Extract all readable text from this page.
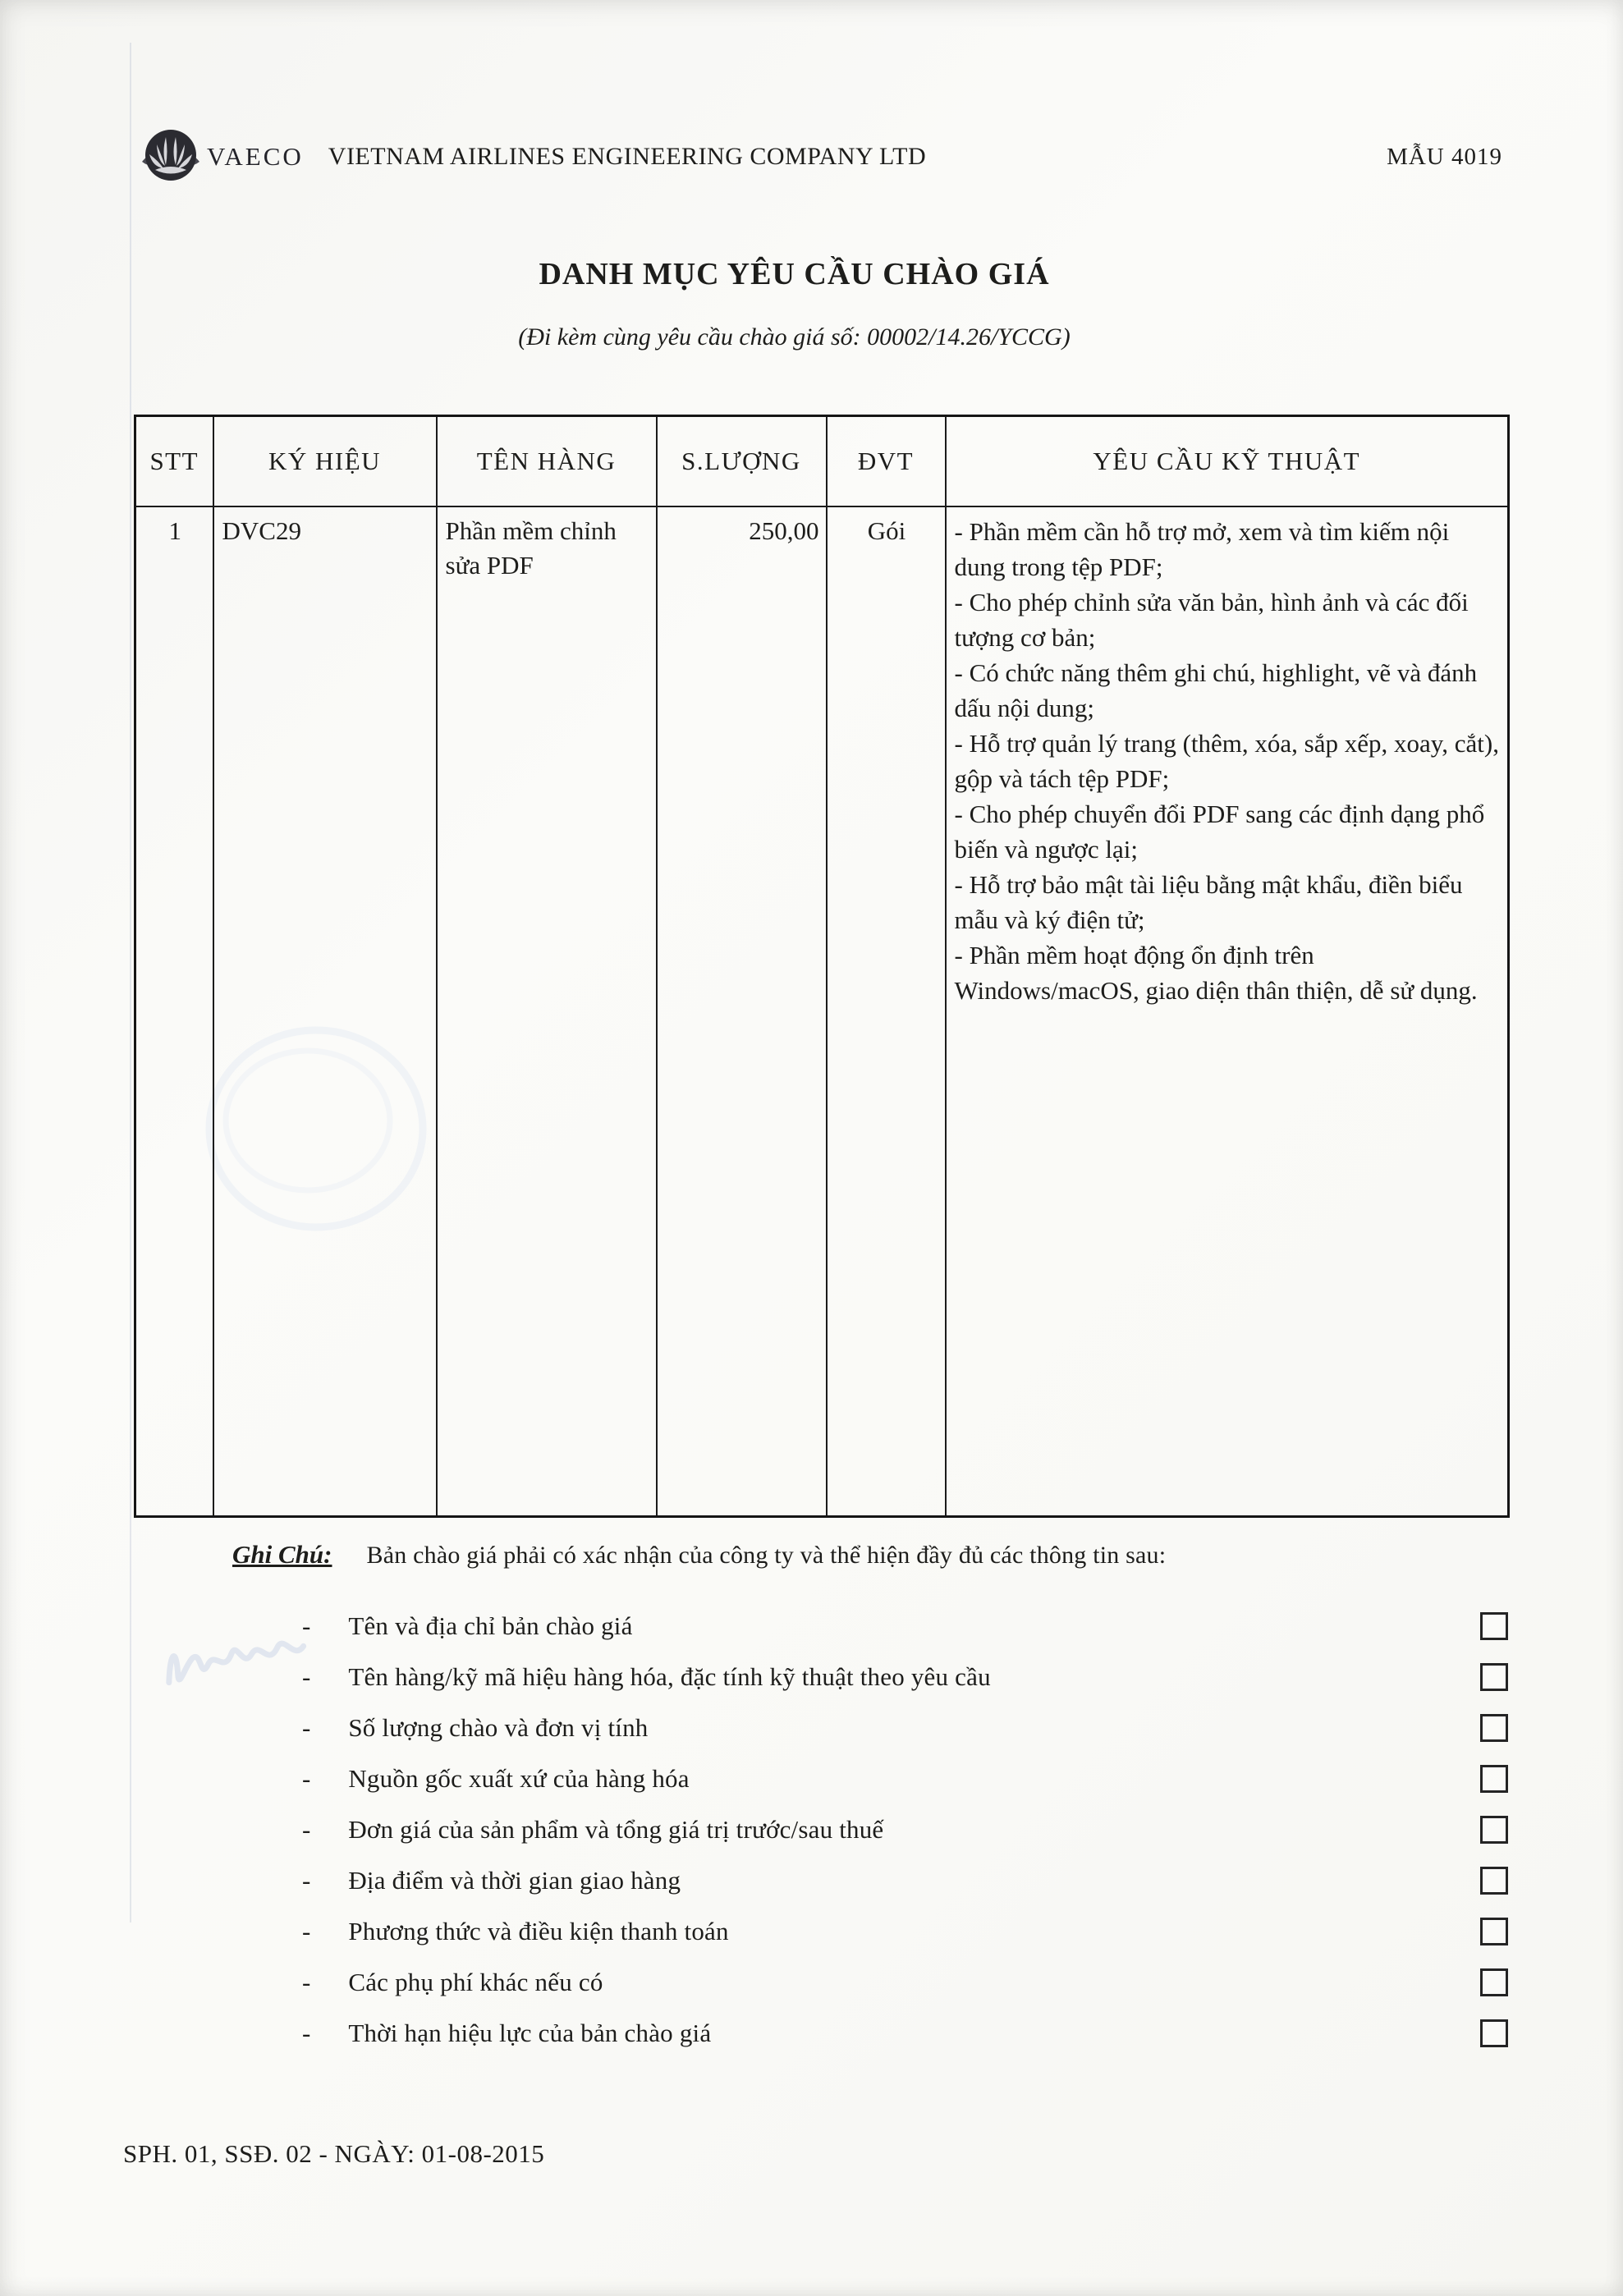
VAECO VIETNAM AIRLINES ENGINEERING COMPANY LTD	MẪU 4019
DANH MỤC YÊU CẦU CHÀO GIÁ
(Đi kèm cùng yêu cầu chào giá số: 00002/14.26/YCCG)
STT	KÝ HIỆU	TÊN HÀNG	S.LƯỢNG	ĐVT	YÊU CẦU KỸ THUẬT
1	DVC29	Phần mềm chỉnh sửa PDF	250,00	Gói	- Phần mềm cần hỗ trợ mở, xem và tìm kiếm nội dung trong tệp PDF;
- Cho phép chỉnh sửa văn bản, hình ảnh và các đối tượng cơ bản;
- Có chức năng thêm ghi chú, highlight, vẽ và đánh dấu nội dung;
- Hỗ trợ quản lý trang (thêm, xóa, sắp xếp, xoay, cắt), gộp và tách tệp PDF;
- Cho phép chuyển đổi PDF sang các định dạng phổ biến và ngược lại;
- Hỗ trợ bảo mật tài liệu bằng mật khẩu, điền biểu mẫu và ký điện tử;
- Phần mềm hoạt động ổn định trên Windows/macOS, giao diện thân thiện, dễ sử dụng.
Ghi Chú: Bản chào giá phải có xác nhận của công ty và thể hiện đầy đủ các thông tin sau:
- Tên và địa chỉ bản chào giá
- Tên hàng/kỹ mã hiệu hàng hóa, đặc tính kỹ thuật theo yêu cầu
- Số lượng chào và đơn vị tính
- Nguồn gốc xuất xứ của hàng hóa
- Đơn giá của sản phẩm và tổng giá trị trước/sau thuế
- Địa điểm và thời gian giao hàng
- Phương thức và điều kiện thanh toán
- Các phụ phí khác nếu có
- Thời hạn hiệu lực của bản chào giá
SPH. 01, SSĐ. 02 - NGÀY: 01-08-2015
